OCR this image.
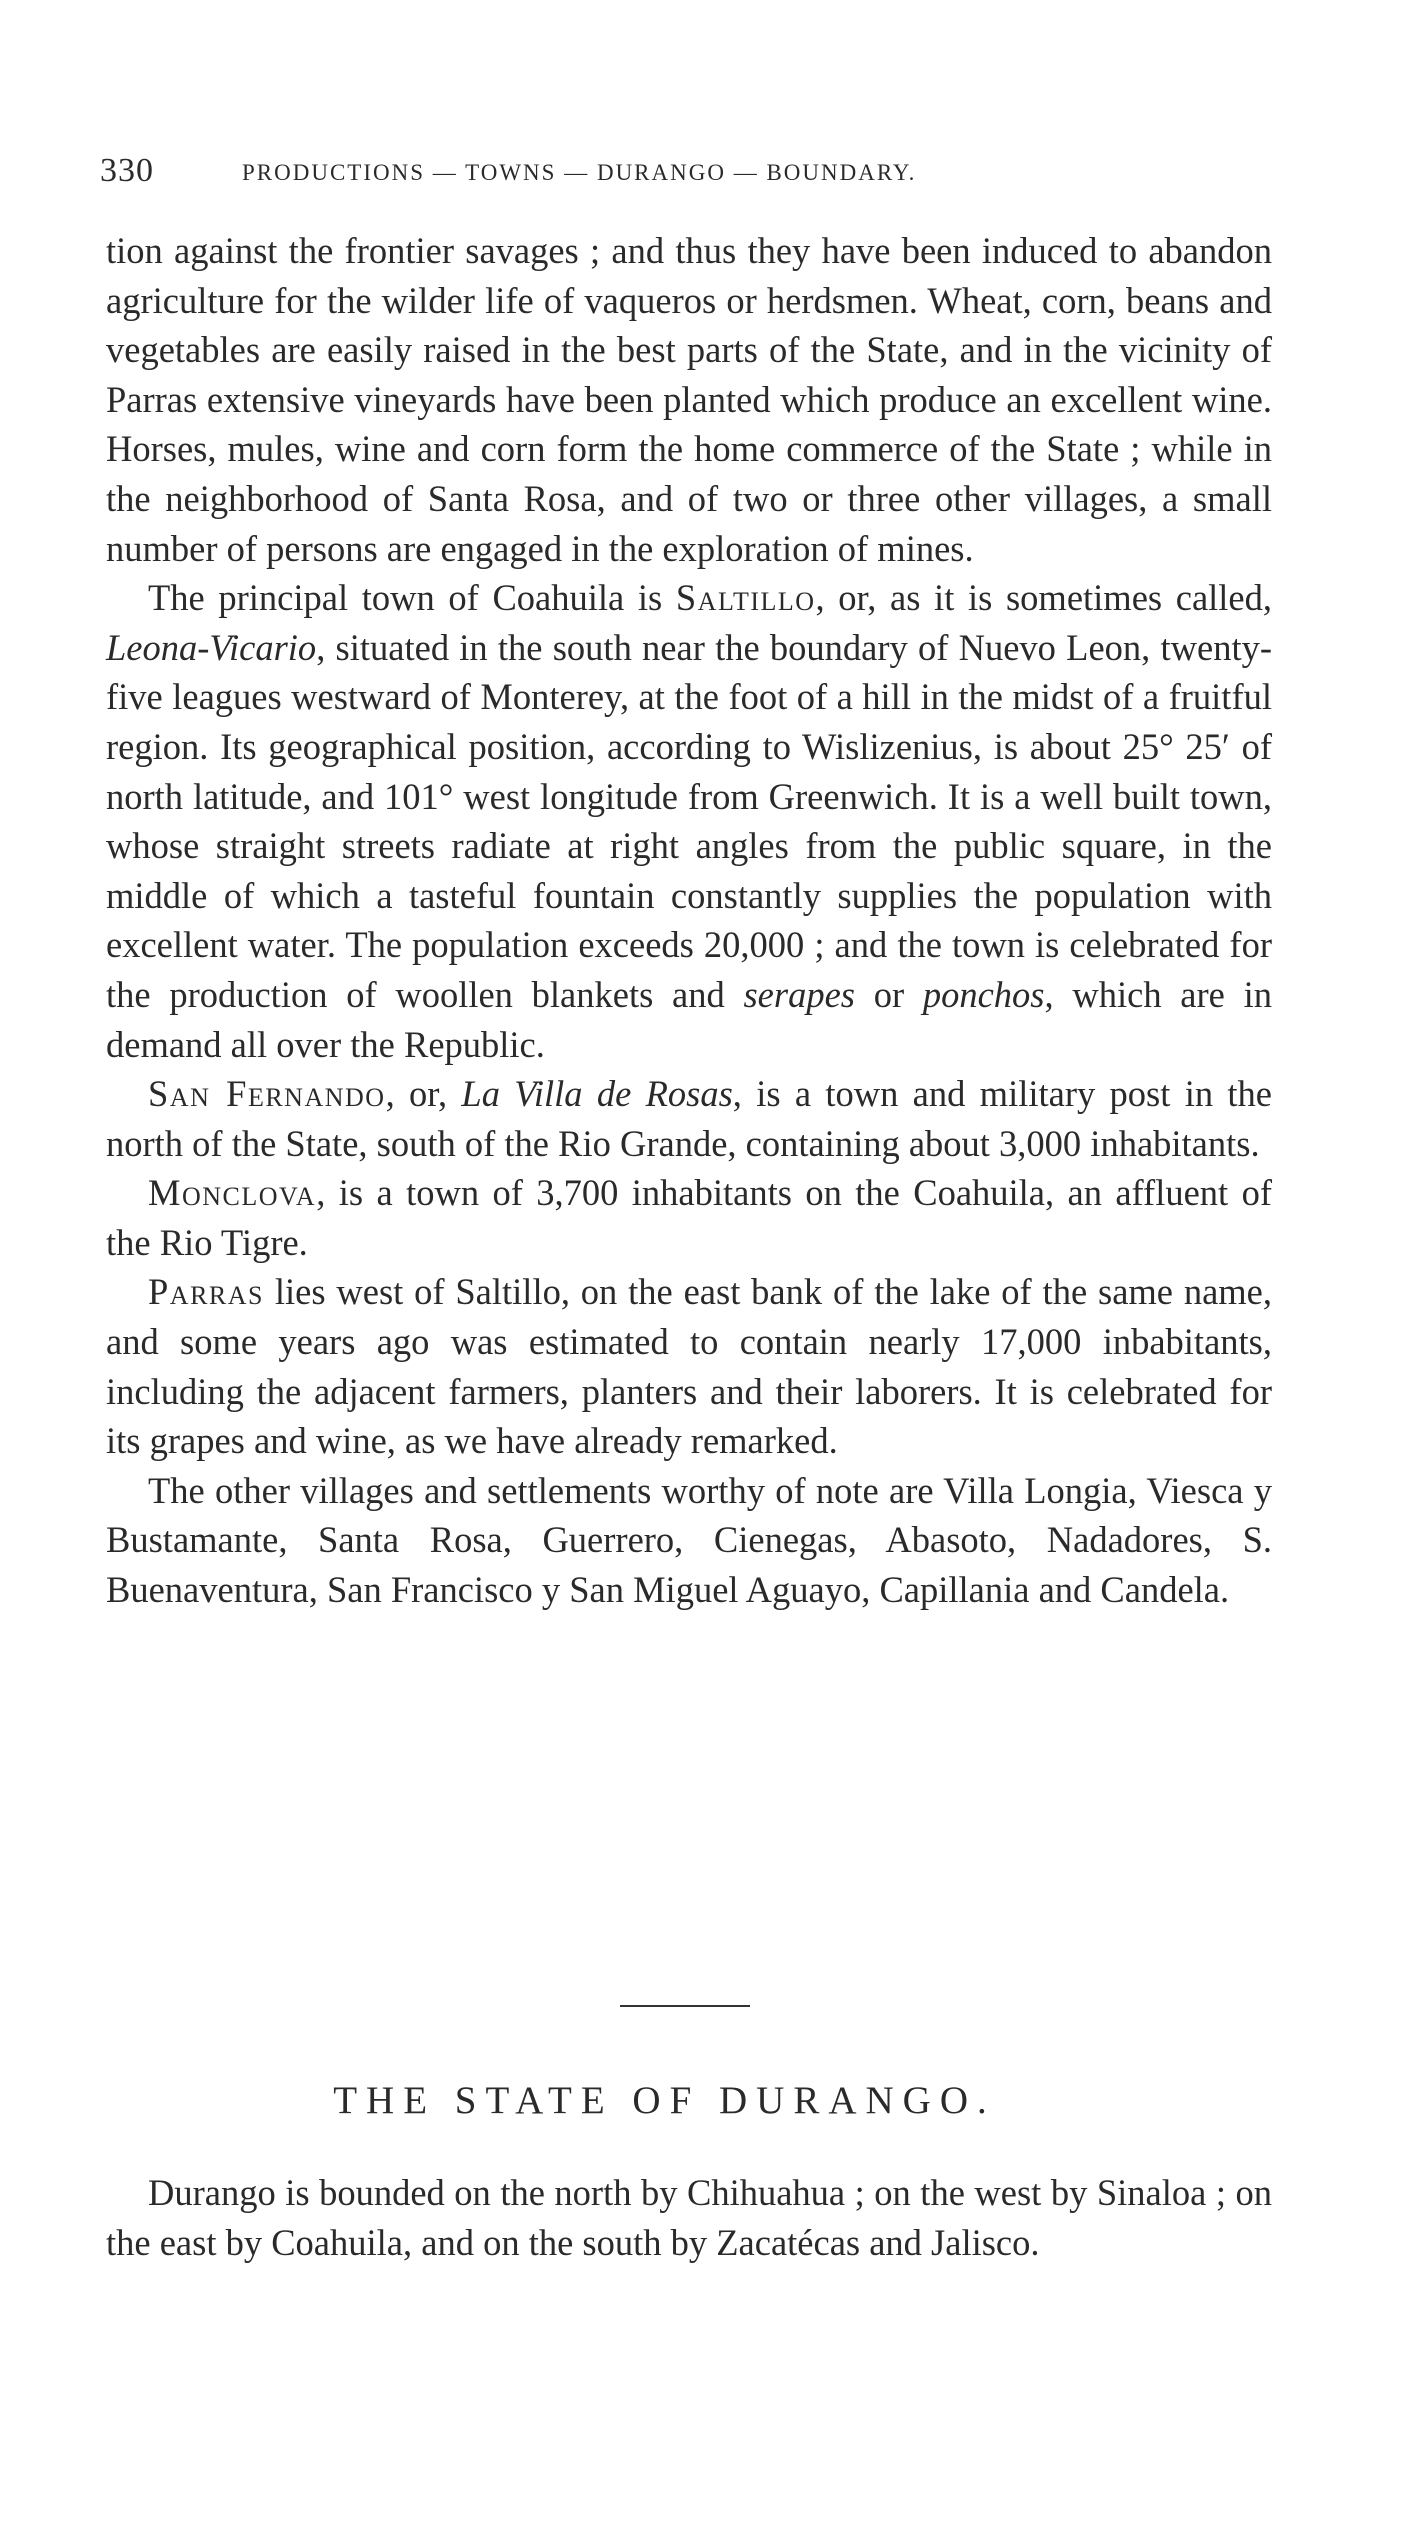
330	PRODUCTIONS — TOWNS — DURANGO — BOUNDARY.

tion against the frontier savages ; and thus they have been induced to abandon agriculture for the wilder life of vaqueros or herdsmen. Wheat, corn, beans and vegetables are easily raised in the best parts of the State, and in the vicinity of Parras extensive vineyards have been planted which produce an excellent wine. Horses, mules, wine and corn form the home commerce of the State ; while in the neighborhood of Santa Rosa, and of two or three other villages, a small number of persons are engaged in the exploration of mines.

The principal town of Coahuila is Saltillo, or, as it is sometimes called, Leona-Vicario, situated in the south near the boundary of Nuevo Leon, twenty-five leagues westward of Monterey, at the foot of a hill in the midst of a fruitful region. Its geographical position, according to Wislizenius, is about 25° 25′ of north latitude, and 101° west longitude from Greenwich. It is a well built town, whose straight streets radiate at right angles from the public square, in the middle of which a tasteful fountain constantly supplies the population with excellent water. The population exceeds 20,000 ; and the town is celebrated for the production of woollen blankets and serapes or ponchos, which are in demand all over the Republic.

San Fernando, or, La Villa de Rosas, is a town and military post in the north of the State, south of the Rio Grande, containing about 3,000 inhabitants.

Monclova, is a town of 3,700 inhabitants on the Coahuila, an affluent of the Rio Tigre.

Parras lies west of Saltillo, on the east bank of the lake of the same name, and some years ago was estimated to contain nearly 17,000 inbabitants, including the adjacent farmers, planters and their laborers. It is celebrated for its grapes and wine, as we have already remarked.

The other villages and settlements worthy of note are Villa Longia, Viesca y Bustamante, Santa Rosa, Guerrero, Cienegas, Abasoto, Nadadores, S. Buenaventura, San Francisco y San Miguel Aguayo, Capillania and Candela.

THE STATE OF DURANGO.

Durango is bounded on the north by Chihuahua ; on the west by Sinaloa ; on the east by Coahuila, and on the south by Zacatécas and Jalisco.
